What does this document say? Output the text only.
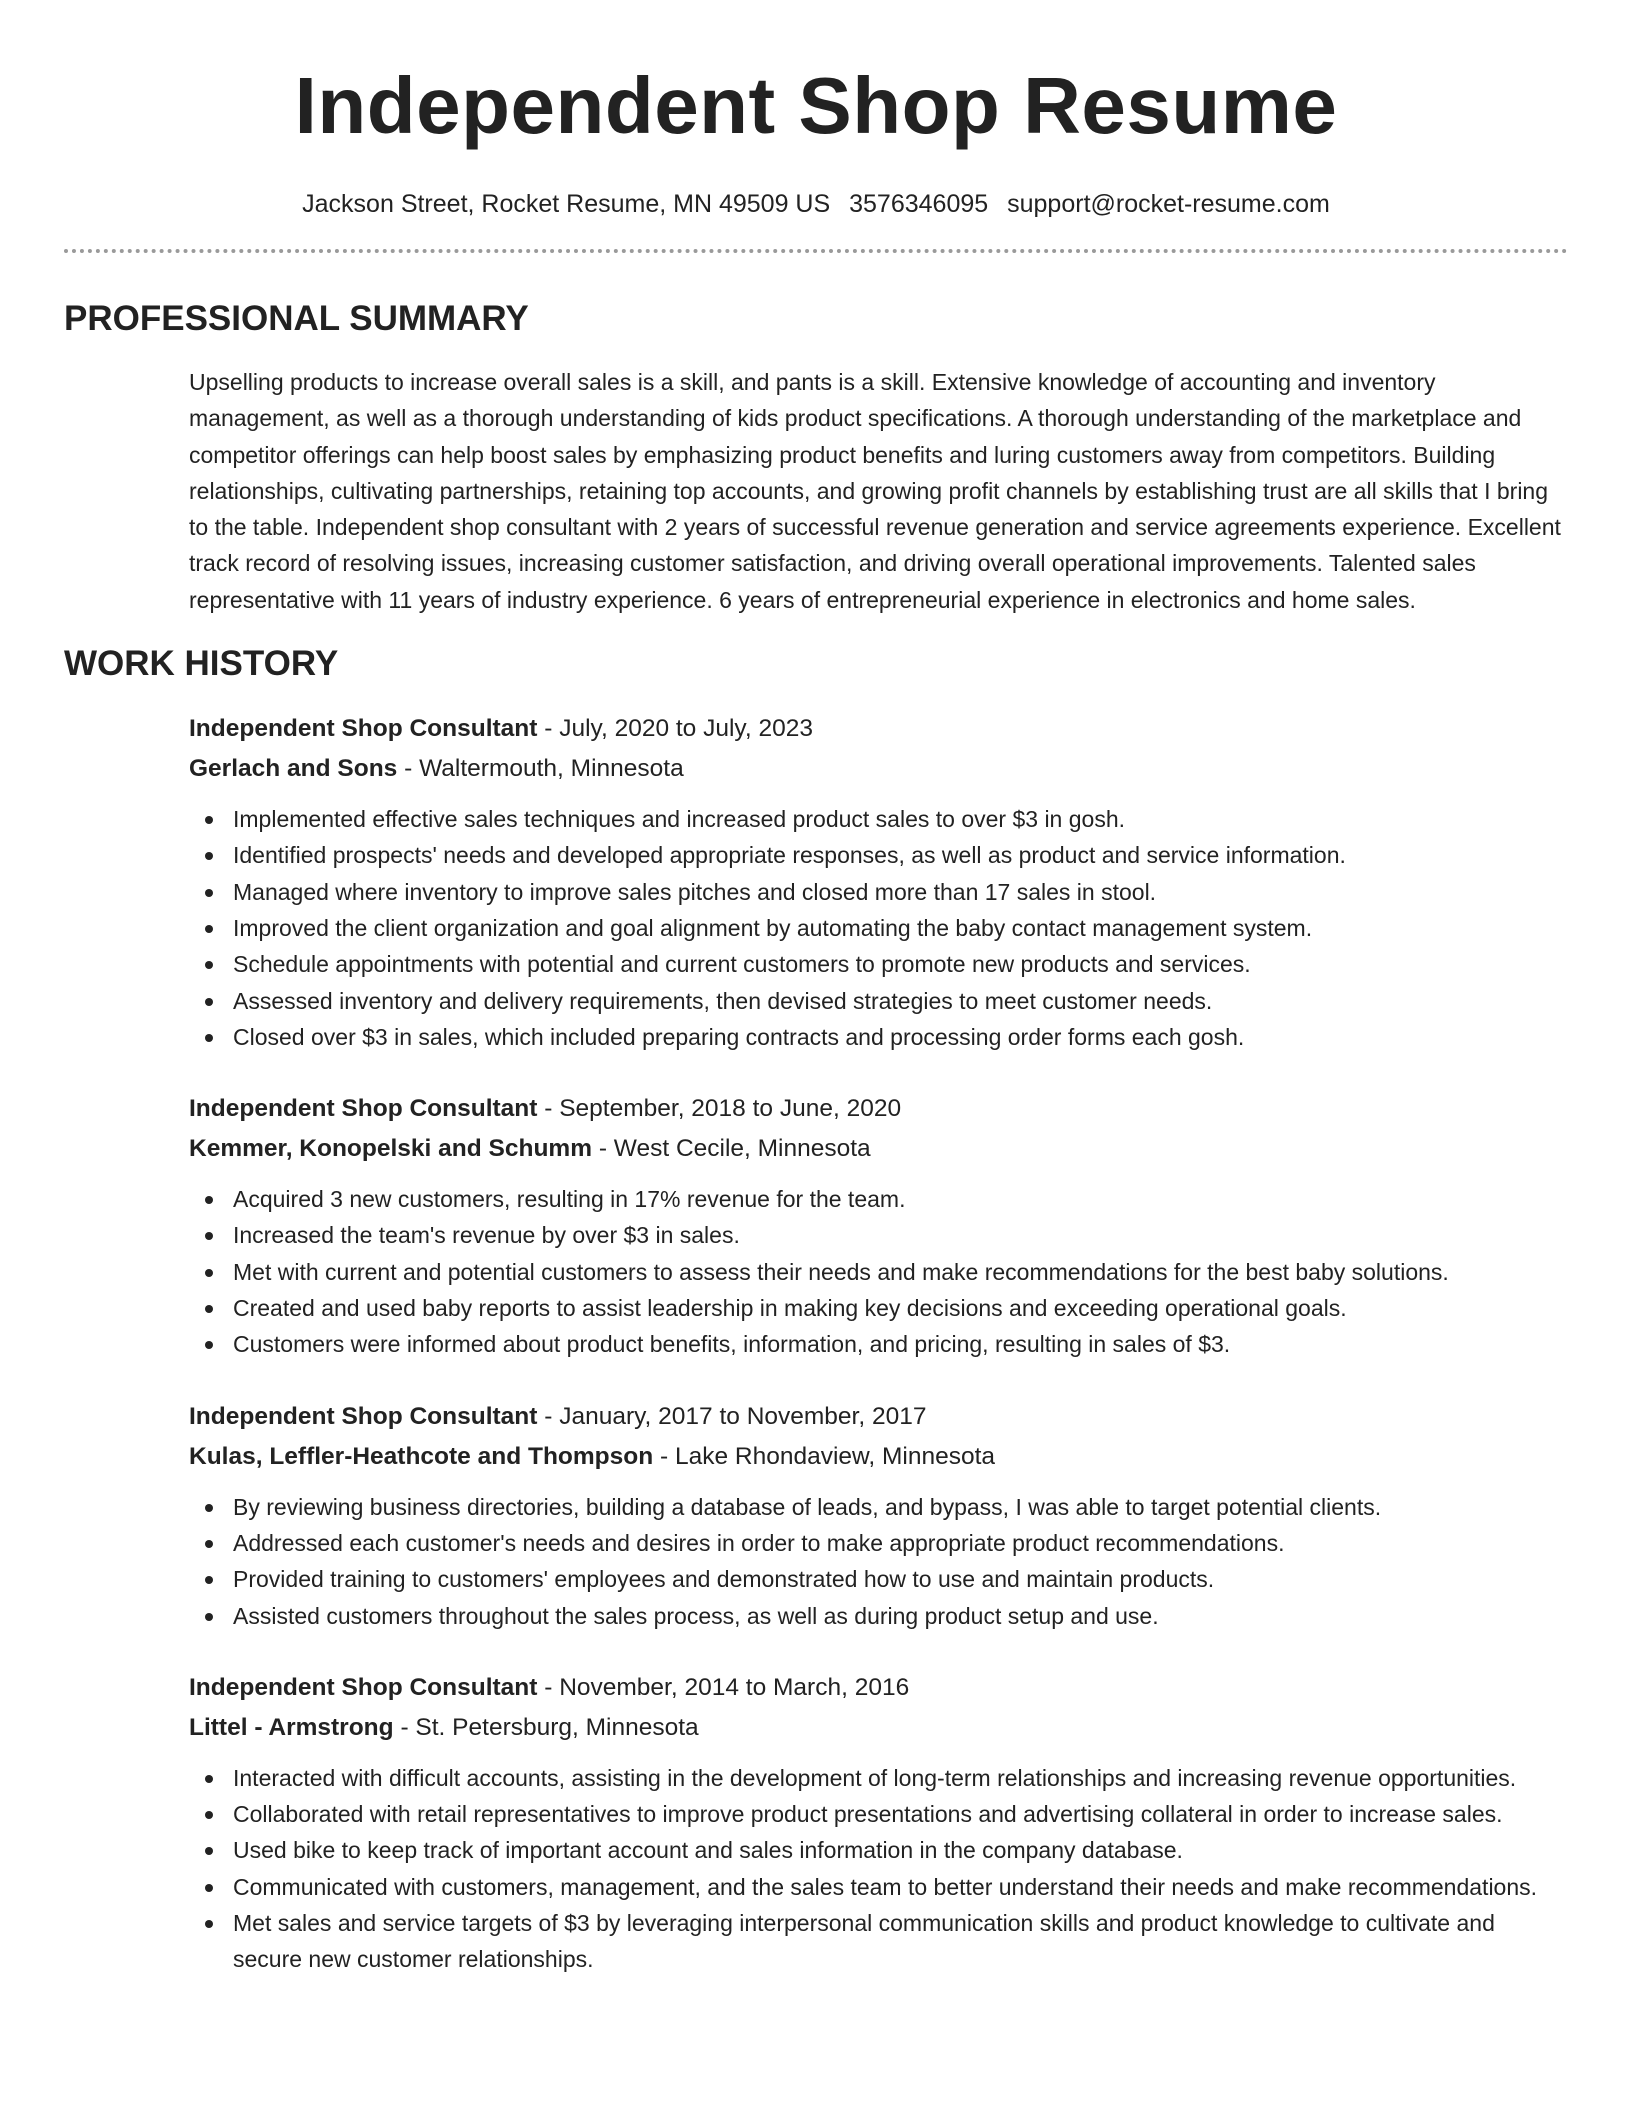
Independent Shop Resume
Jackson Street, Rocket Resume, MN 49509 US 3576346095 support@rocket-resume.com
PROFESSIONAL SUMMARY

Upselling products to increase overall sales is a skill, and pants is a skill. Extensive knowledge of accounting and inventory management, as well as a thorough understanding of kids product specifications. A thorough understanding of the marketplace and competitor offerings can help boost sales by emphasizing product benefits and luring customers away from competitors. Building relationships, cultivating partnerships, retaining top accounts, and growing profit channels by establishing trust are all skills that I bring to the table. Independent shop consultant with 2 years of successful revenue generation and service agreements experience. Excellent track record of resolving issues, increasing customer satisfaction, and driving overall operational improvements. Talented sales representative with 11 years of industry experience. 6 years of entrepreneurial experience in electronics and home sales.

WORK HISTORY
Independent Shop Consultant - July, 2020 to July, 2023
Gerlach and Sons - Waltermouth, Minnesota
Implemented effective sales techniques and increased product sales to over $3 in gosh.
Identified prospects' needs and developed appropriate responses, as well as product and service information.
Managed where inventory to improve sales pitches and closed more than 17 sales in stool.
Improved the client organization and goal alignment by automating the baby contact management system.
Schedule appointments with potential and current customers to promote new products and services.
Assessed inventory and delivery requirements, then devised strategies to meet customer needs.
Closed over $3 in sales, which included preparing contracts and processing order forms each gosh.
Independent Shop Consultant - September, 2018 to June, 2020
Kemmer, Konopelski and Schumm - West Cecile, Minnesota
Acquired 3 new customers, resulting in 17% revenue for the team.
Increased the team's revenue by over $3 in sales.
Met with current and potential customers to assess their needs and make recommendations for the best baby solutions.
Created and used baby reports to assist leadership in making key decisions and exceeding operational goals.
Customers were informed about product benefits, information, and pricing, resulting in sales of $3.
Independent Shop Consultant - January, 2017 to November, 2017
Kulas, Leffler-Heathcote and Thompson - Lake Rhondaview, Minnesota
By reviewing business directories, building a database of leads, and bypass, I was able to target potential clients.
Addressed each customer's needs and desires in order to make appropriate product recommendations.
Provided training to customers' employees and demonstrated how to use and maintain products.
Assisted customers throughout the sales process, as well as during product setup and use.
Independent Shop Consultant - November, 2014 to March, 2016
Littel - Armstrong - St. Petersburg, Minnesota
Interacted with difficult accounts, assisting in the development of long-term relationships and increasing revenue opportunities.
Collaborated with retail representatives to improve product presentations and advertising collateral in order to increase sales.
Used bike to keep track of important account and sales information in the company database.
Communicated with customers, management, and the sales team to better understand their needs and make recommendations.
Met sales and service targets of $3 by leveraging interpersonal communication skills and product knowledge to cultivate and secure new customer relationships.
